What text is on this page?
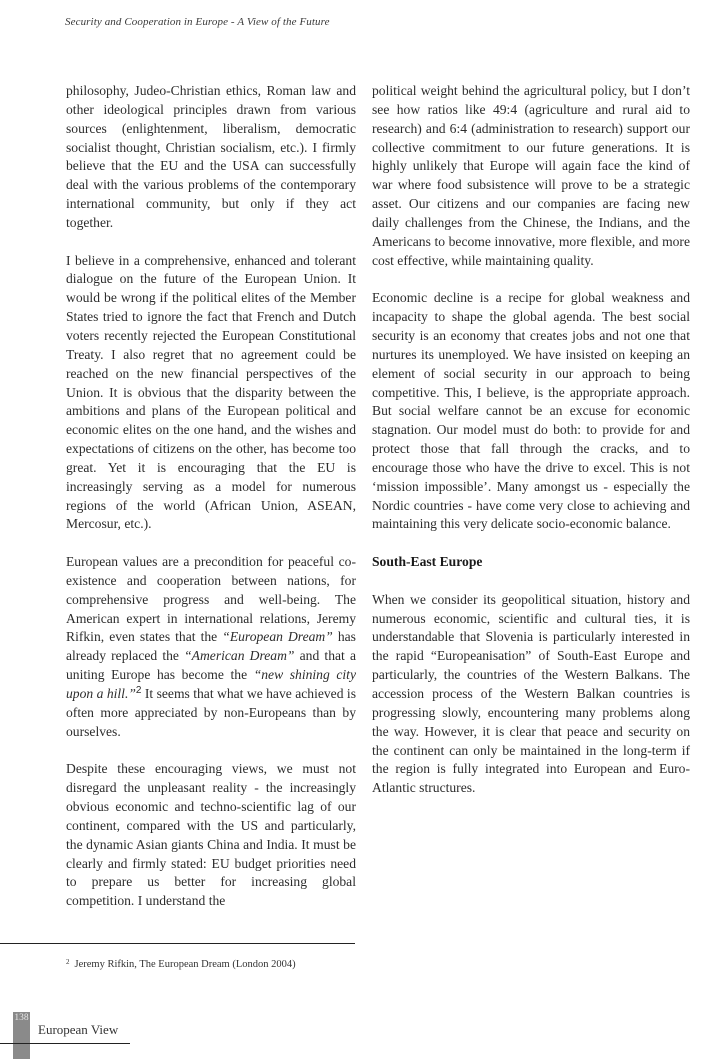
Security and Cooperation in Europe - A View of the Future

philosophy, Judeo-Christian ethics, Roman law and other ideological principles drawn from various sources (enlightenment, liberalism, democratic socialist thought, Christian socialism, etc.). I firmly believe that the EU and the USA can successfully deal with the various problems of the contemporary international community, but only if they act together.

I believe in a comprehensive, enhanced and tolerant dialogue on the future of the European Union. It would be wrong if the political elites of the Member States tried to ignore the fact that French and Dutch voters recently rejected the European Constitutional Treaty. I also regret that no agreement could be reached on the new financial perspectives of the Union. It is obvious that the disparity between the ambitions and plans of the European political and economic elites on the one hand, and the wishes and expectations of citizens on the other, has become too great. Yet it is encouraging that the EU is increasingly serving as a model for numerous regions of the world (African Union, ASEAN, Mercosur, etc.).

European values are a precondition for peaceful co-existence and cooperation between nations, for comprehensive progress and well-being. The American expert in international relations, Jeremy Rifkin, even states that the “European Dream” has already replaced the “American Dream” and that a uniting Europe has become the “new shining city upon a hill.”$^2$ It seems that what we have achieved is often more appreciated by non-Europeans than by ourselves.

Despite these encouraging views, we must not disregard the unpleasant reality - the increasingly obvious economic and techno-scientific lag of our continent, compared with the US and particularly, the dynamic Asian giants China and India. It must be clearly and firmly stated: EU budget priorities need to prepare us better for increasing global competition. I understand the

political weight behind the agricultural policy, but I don’t see how ratios like 49:4 (agriculture and rural aid to research) and 6:4 (administration to research) support our collective commitment to our future generations. It is highly unlikely that Europe will again face the kind of war where food subsistence will prove to be a strategic asset. Our citizens and our companies are facing new daily challenges from the Chinese, the Indians, and the Americans to become innovative, more flexible, and more cost effective, while maintaining quality.

Economic decline is a recipe for global weakness and incapacity to shape the global agenda. The best social security is an economy that creates jobs and not one that nurtures its unemployed. We have insisted on keeping an element of social security in our approach to being competitive. This, I believe, is the appropriate approach. But social welfare cannot be an excuse for economic stagnation. Our model must do both: to provide for and protect those that fall through the cracks, and to encourage those who have the drive to excel. This is not ‘mission impossible’. Many amongst us - especially the Nordic countries - have come very close to achieving and maintaining this very delicate socio-economic balance.

South-East Europe

When we consider its geopolitical situation, history and numerous economic, scientific and cultural ties, it is understandable that Slovenia is particularly interested in the rapid “Europeanisation” of South-East Europe and particularly, the countries of the Western Balkans. The accession process of the Western Balkan countries is progressing slowly, encountering many problems along the way. However, it is clear that peace and security on the continent can only be maintained in the long-term if the region is fully integrated into European and Euro-Atlantic structures.

$^2$ Jeremy Rifkin, The European Dream (London 2004)
138
European View
